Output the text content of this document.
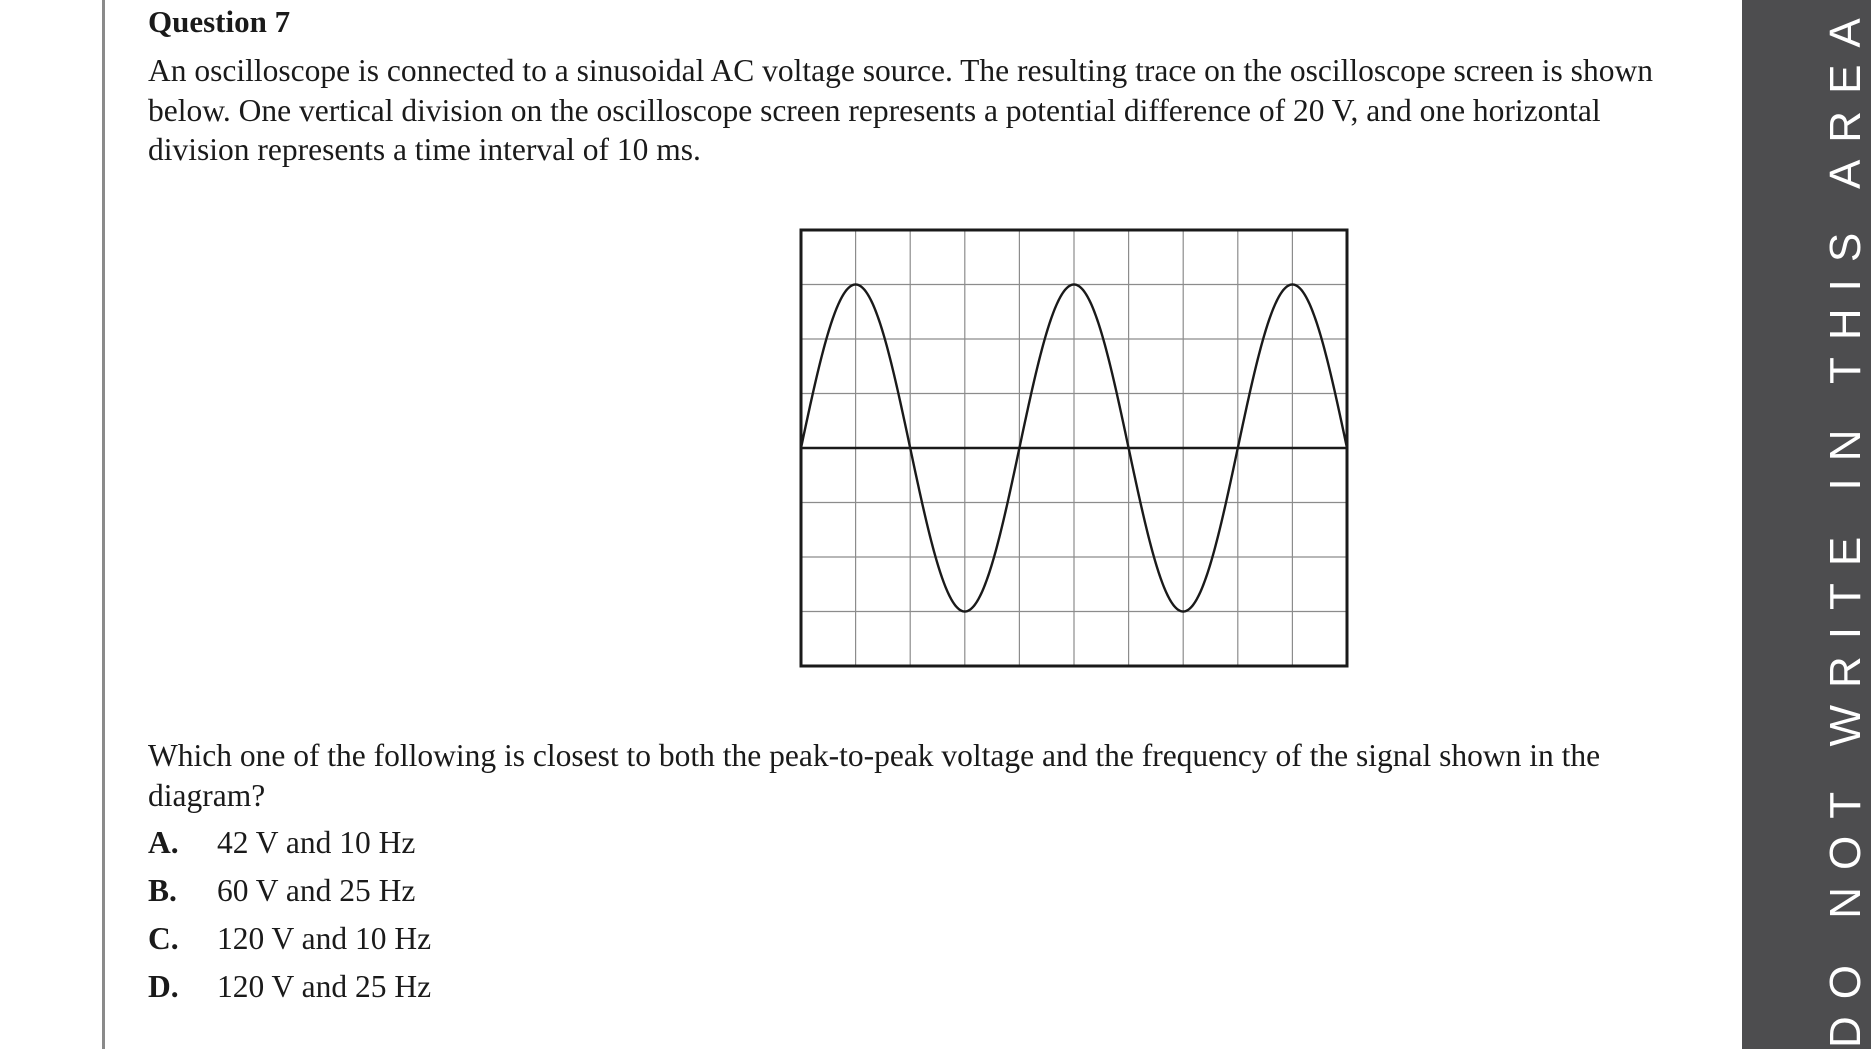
Question 7
An oscilloscope is connected to a sinusoidal AC voltage source. The resulting trace on the oscilloscope screen is shown below. One vertical division on the oscilloscope screen represents a potential difference of 20 V, and one horizontal division represents a time interval of 10 ms.
Which one of the following is closest to both the peak-to-peak voltage and the frequency of the signal shown in the diagram?
A. 42 V and 10 Hz
B. 60 V and 25 Hz
C. 120 V and 10 Hz
D. 120 V and 25 Hz	DO NOT WRITE IN THIS AREA
